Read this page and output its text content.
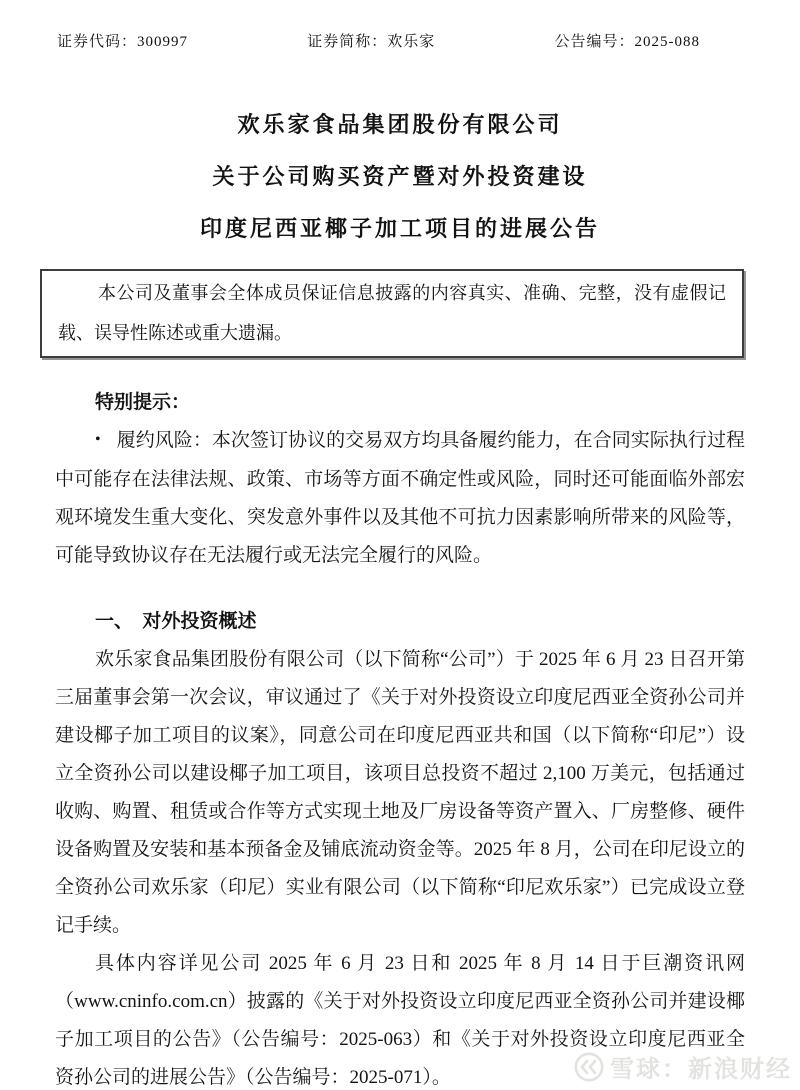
证券代码：300997	证券简称：欢乐家	公告编号：2025-088
欢乐家食品集团股份有限公司
关于公司购买资产暨对外投资建设
印度尼西亚椰子加工项目的进展公告

本公司及董事会全体成员保证信息披露的内容真实、准确、完整，没有虚假记载、误导性陈述或重大遗漏。

特别提示：

• 履约风险：本次签订协议的交易双方均具备履约能力，在合同实际执行过程中可能存在法律法规、政策、市场等方面不确定性或风险，同时还可能面临外部宏观环境发生重大变化、突发意外事件以及其他不可抗力因素影响所带来的风险等，可能导致协议存在无法履行或无法完全履行的风险。

一、　对外投资概述

欢乐家食品集团股份有限公司（以下简称“公司”）于 2025 年 6 月 23 日召开第三届董事会第一次会议，审议通过了《关于对外投资设立印度尼西亚全资孙公司并建设椰子加工项目的议案》，同意公司在印度尼西亚共和国（以下简称“印尼”）设立全资孙公司以建设椰子加工项目，该项目总投资不超过 2,100 万美元，包括通过收购、购置、租赁或合作等方式实现土地及厂房设备等资产置入、厂房整修、硬件设备购置及安装和基本预备金及铺底流动资金等。2025 年 8 月，公司在印尼设立的全资孙公司欢乐家（印尼）实业有限公司（以下简称“印尼欢乐家”）已完成设立登记手续。

具体内容详见公司 2025 年 6 月 23 日和 2025 年 8 月 14 日于巨潮资讯网（www.cninfo.com.cn）披露的《关于对外投资设立印度尼西亚全资孙公司并建设椰子加工项目的公告》（公告编号：2025-063）和《关于对外投资设立印度尼西亚全资孙公司的进展公告》（公告编号：2025-071）。	雪球：新浪财经
